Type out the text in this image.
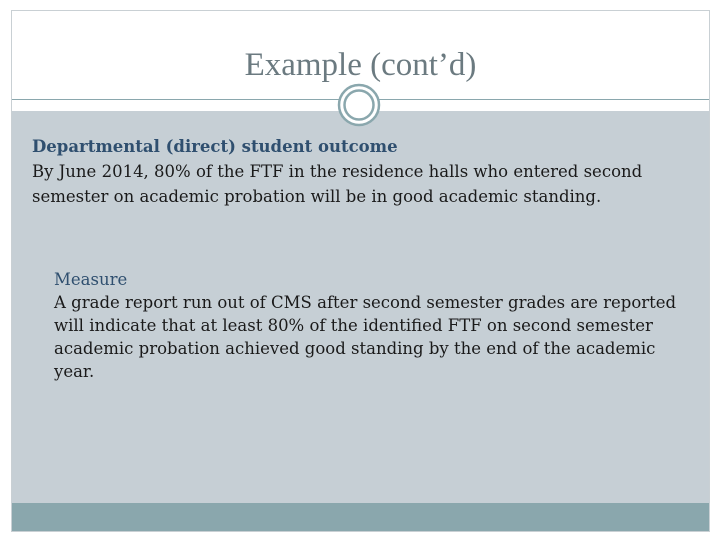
Example (cont’d)
Departmental (direct) student outcome
By June 2014, 80% of the FTF in the residence halls who entered second
semester on academic probation will be in good academic standing.
Measure
A grade report run out of CMS after second semester grades are reported
will indicate that at least 80% of the identified FTF on second semester
academic probation achieved good standing by the end of the academic
year.
